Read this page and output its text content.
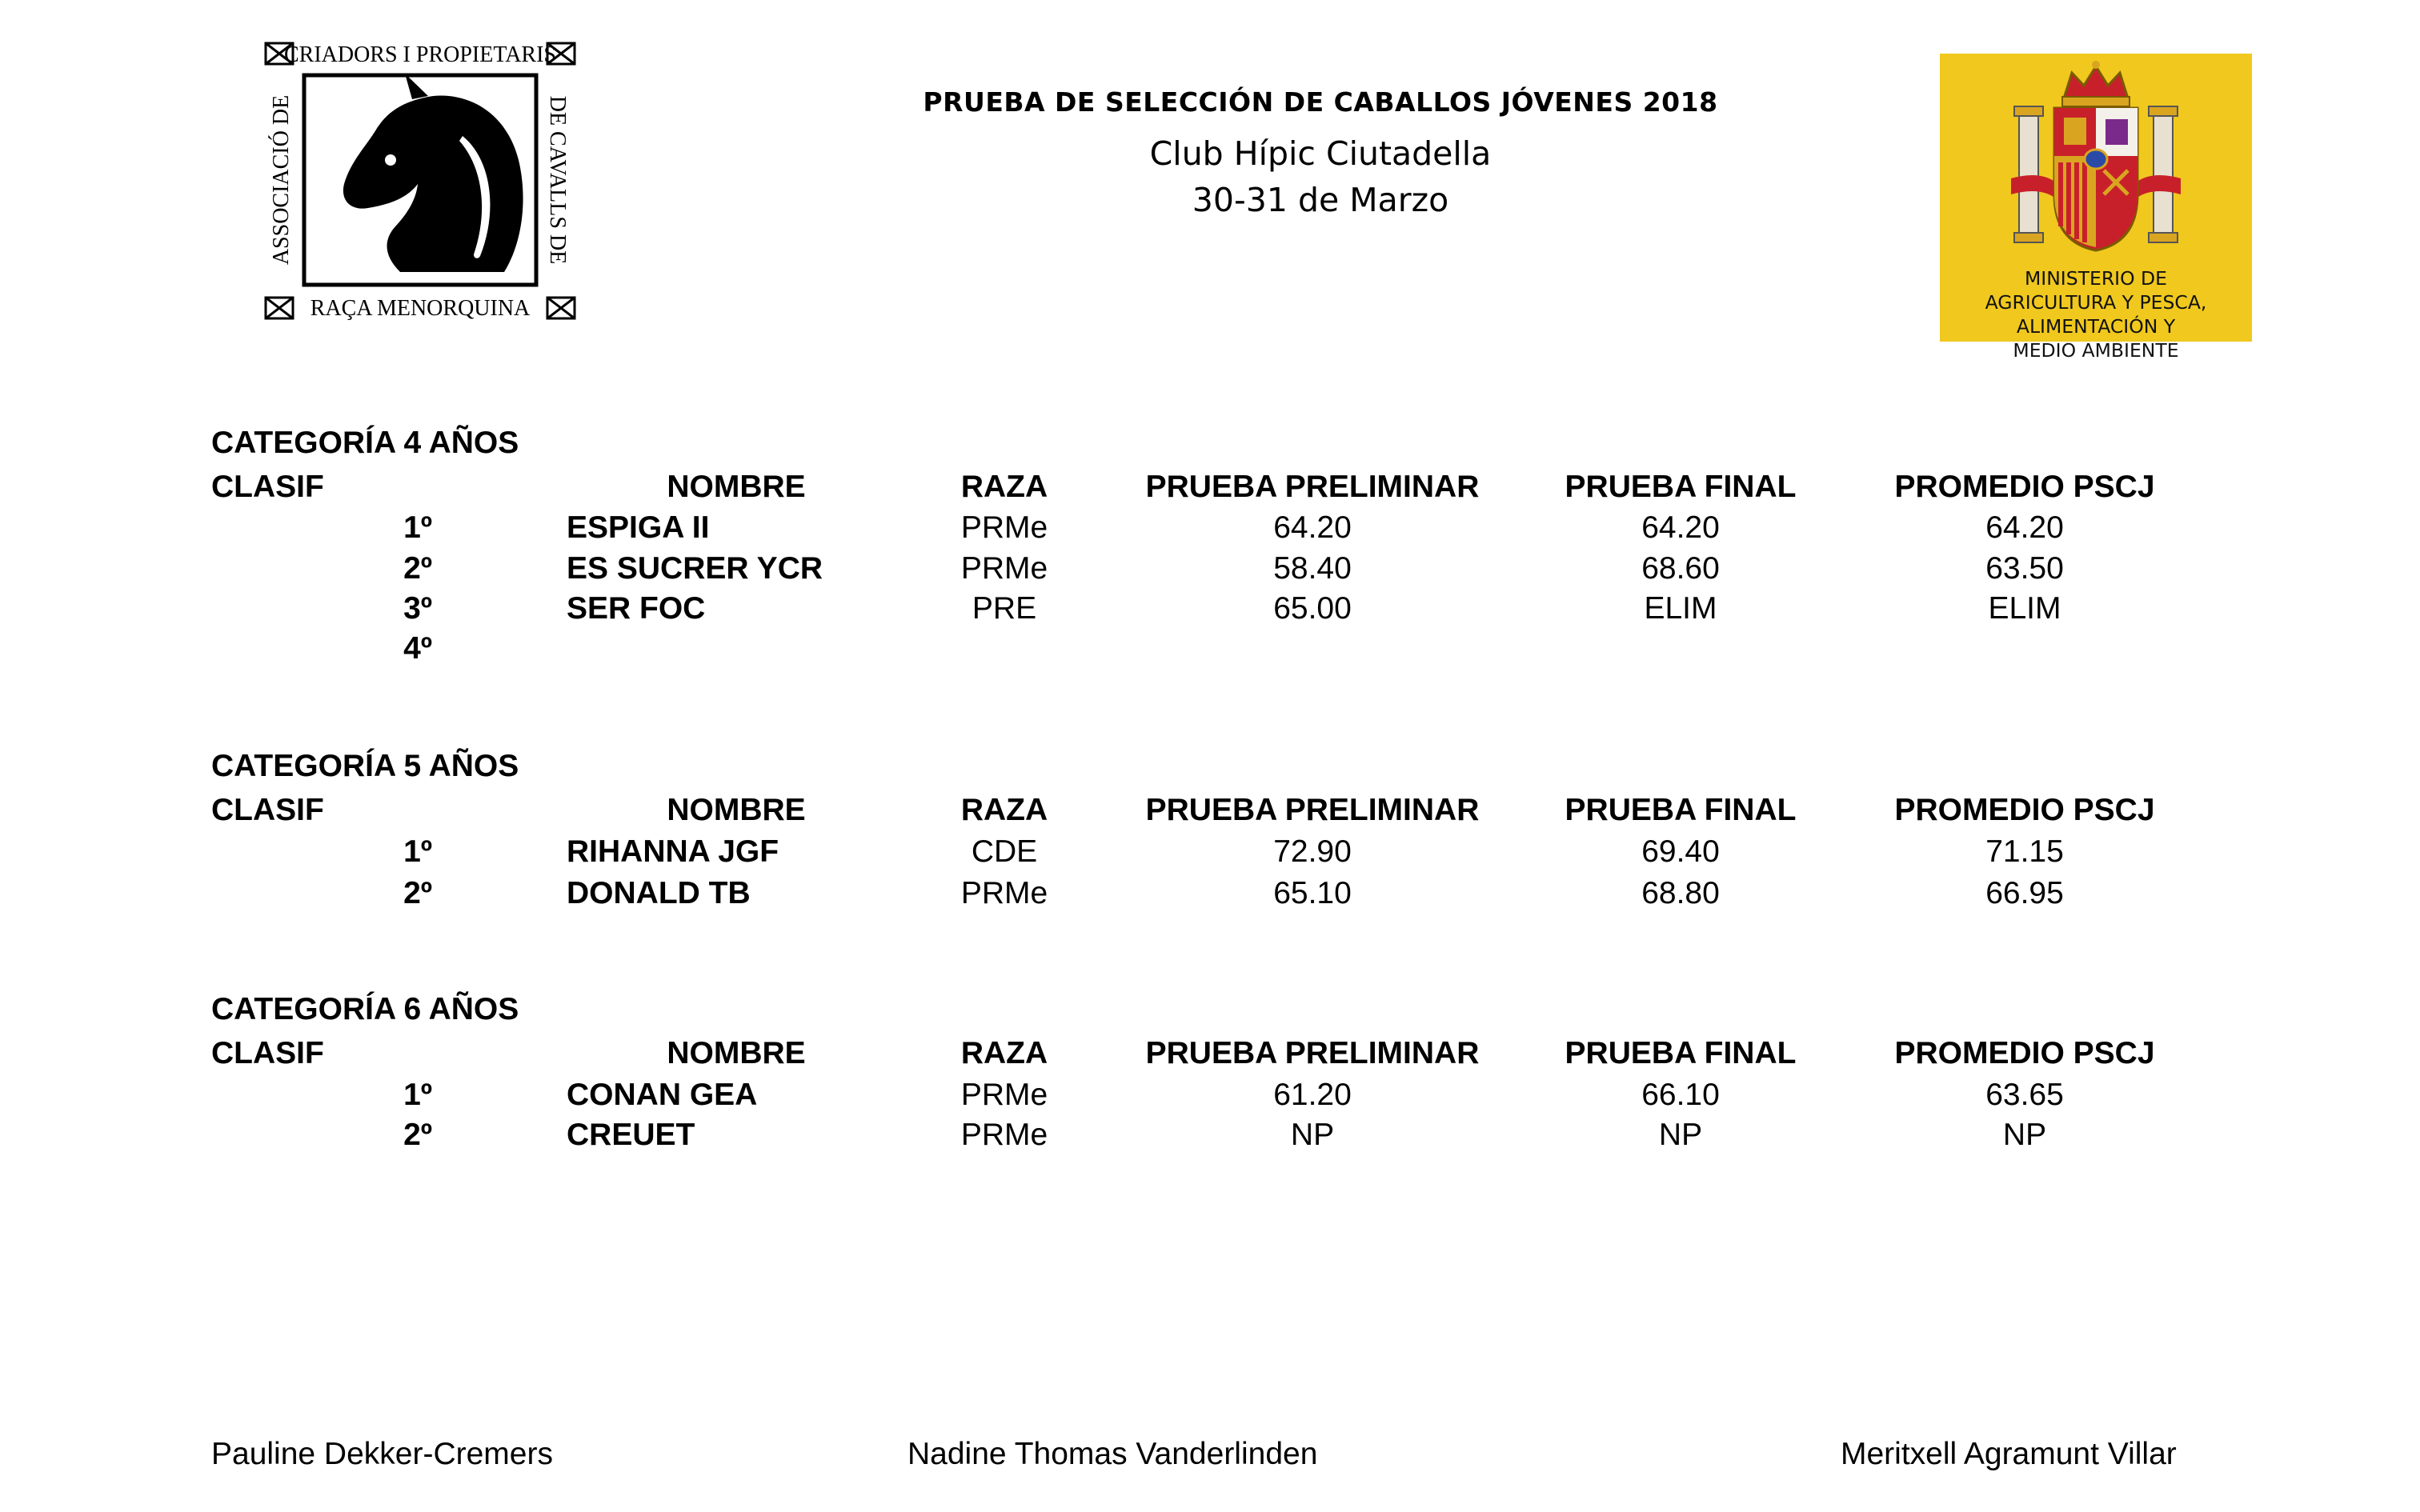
CRIADORS I PROPIETARIS
RAÇA MENORQUINA
ASSOCIACIÓ DE	DE CAVALLS DE	PRUEBA DE SELECCIÓN DE CABALLOS JÓVENES 2018
Club Hípic Ciutadella
30-31 de Marzo
MINISTERIO DE
AGRICULTURA Y PESCA,
ALIMENTACIÓN Y
MEDIO AMBIENTE
CATEGORÍA 4 AÑOS
CLASIF	NOMBRE	RAZA	PRUEBA PRELIMINAR	PRUEBA FINAL	PROMEDIO PSCJ
1º	ESPIGA II	PRMe	64.20	64.20	64.20
2º	ES SUCRER YCR	PRMe	58.40	68.60	63.50
3º	SER FOC	PRE	65.00	ELIM	ELIM
4º
CATEGORÍA 5 AÑOS
CLASIF	NOMBRE	RAZA	PRUEBA PRELIMINAR	PRUEBA FINAL	PROMEDIO PSCJ
1º	RIHANNA JGF	CDE	72.90	69.40	71.15
2º	DONALD TB	PRMe	65.10	68.80	66.95
CATEGORÍA 6 AÑOS
CLASIF	NOMBRE	RAZA	PRUEBA PRELIMINAR	PRUEBA FINAL	PROMEDIO PSCJ
1º	CONAN GEA	PRMe	61.20	66.10	63.65
2º	CREUET	PRMe	NP	NP	NP
Pauline Dekker-Cremers	Nadine Thomas Vanderlinden	Meritxell Agramunt Villar
